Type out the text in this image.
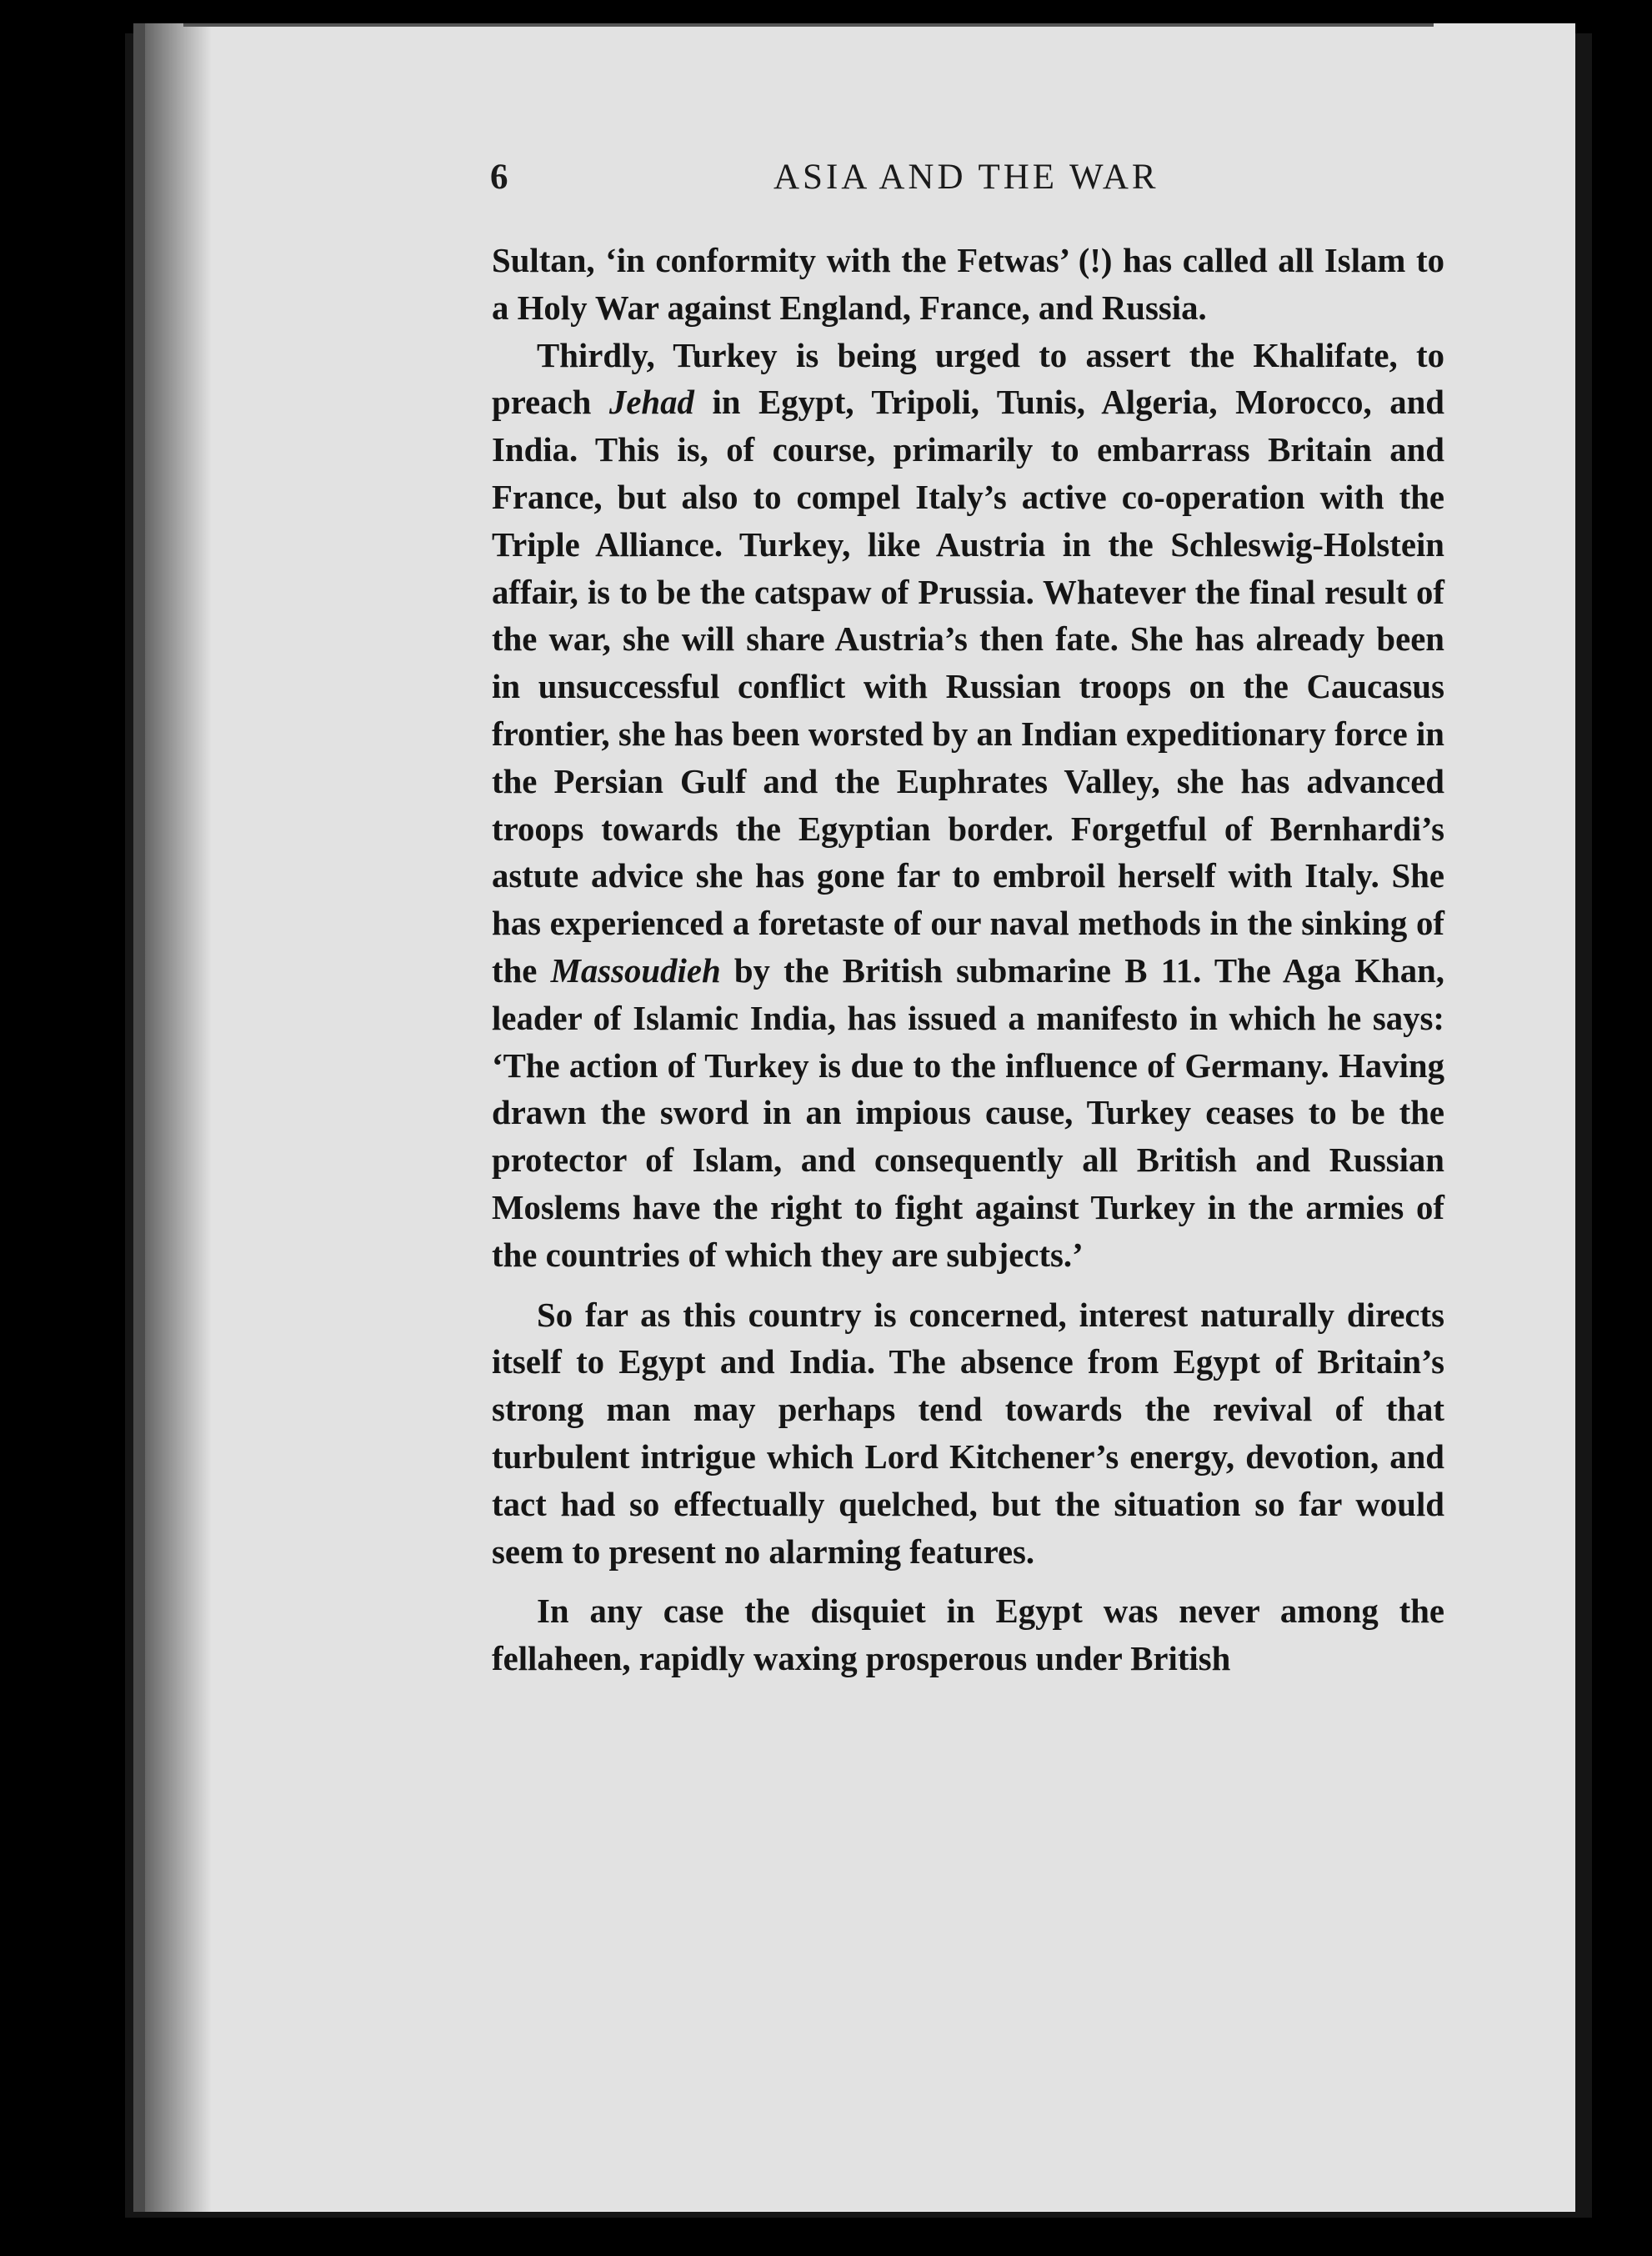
6	ASIA AND THE WAR

Sultan, ‘in conformity with the Fetwas’ (!) has called all Islam to a Holy War against England, France, and Russia.

Thirdly, Turkey is being urged to assert the Khalifate, to preach Jehad in Egypt, Tripoli, Tunis, Algeria, Morocco, and India. This is, of course, primarily to embarrass Britain and France, but also to compel Italy’s active co-operation with the Triple Alliance. Turkey, like Austria in the Schleswig-Holstein affair, is to be the catspaw of Prussia. Whatever the final result of the war, she will share Austria’s then fate. She has already been in unsuccessful conflict with Russian troops on the Caucasus frontier, she has been worsted by an Indian expeditionary force in the Persian Gulf and the Euphrates Valley, she has advanced troops towards the Egyptian border. Forgetful of Bernhardi’s astute advice she has gone far to embroil herself with Italy. She has experienced a foretaste of our naval methods in the sinking of the Massoudieh by the British submarine B 11. The Aga Khan, leader of Islamic India, has issued a manifesto in which he says: ‘The action of Turkey is due to the influence of Germany. Having drawn the sword in an impious cause, Turkey ceases to be the protector of Islam, and consequently all British and Russian Moslems have the right to fight against Turkey in the armies of the countries of which they are subjects.’

So far as this country is concerned, interest naturally directs itself to Egypt and India. The absence from Egypt of Britain’s strong man may perhaps tend towards the revival of that turbulent intrigue which Lord Kitchener’s energy, devotion, and tact had so effectually quelched, but the situation so far would seem to present no alarming features.

In any case the disquiet in Egypt was never among the fellaheen, rapidly waxing prosperous under British
